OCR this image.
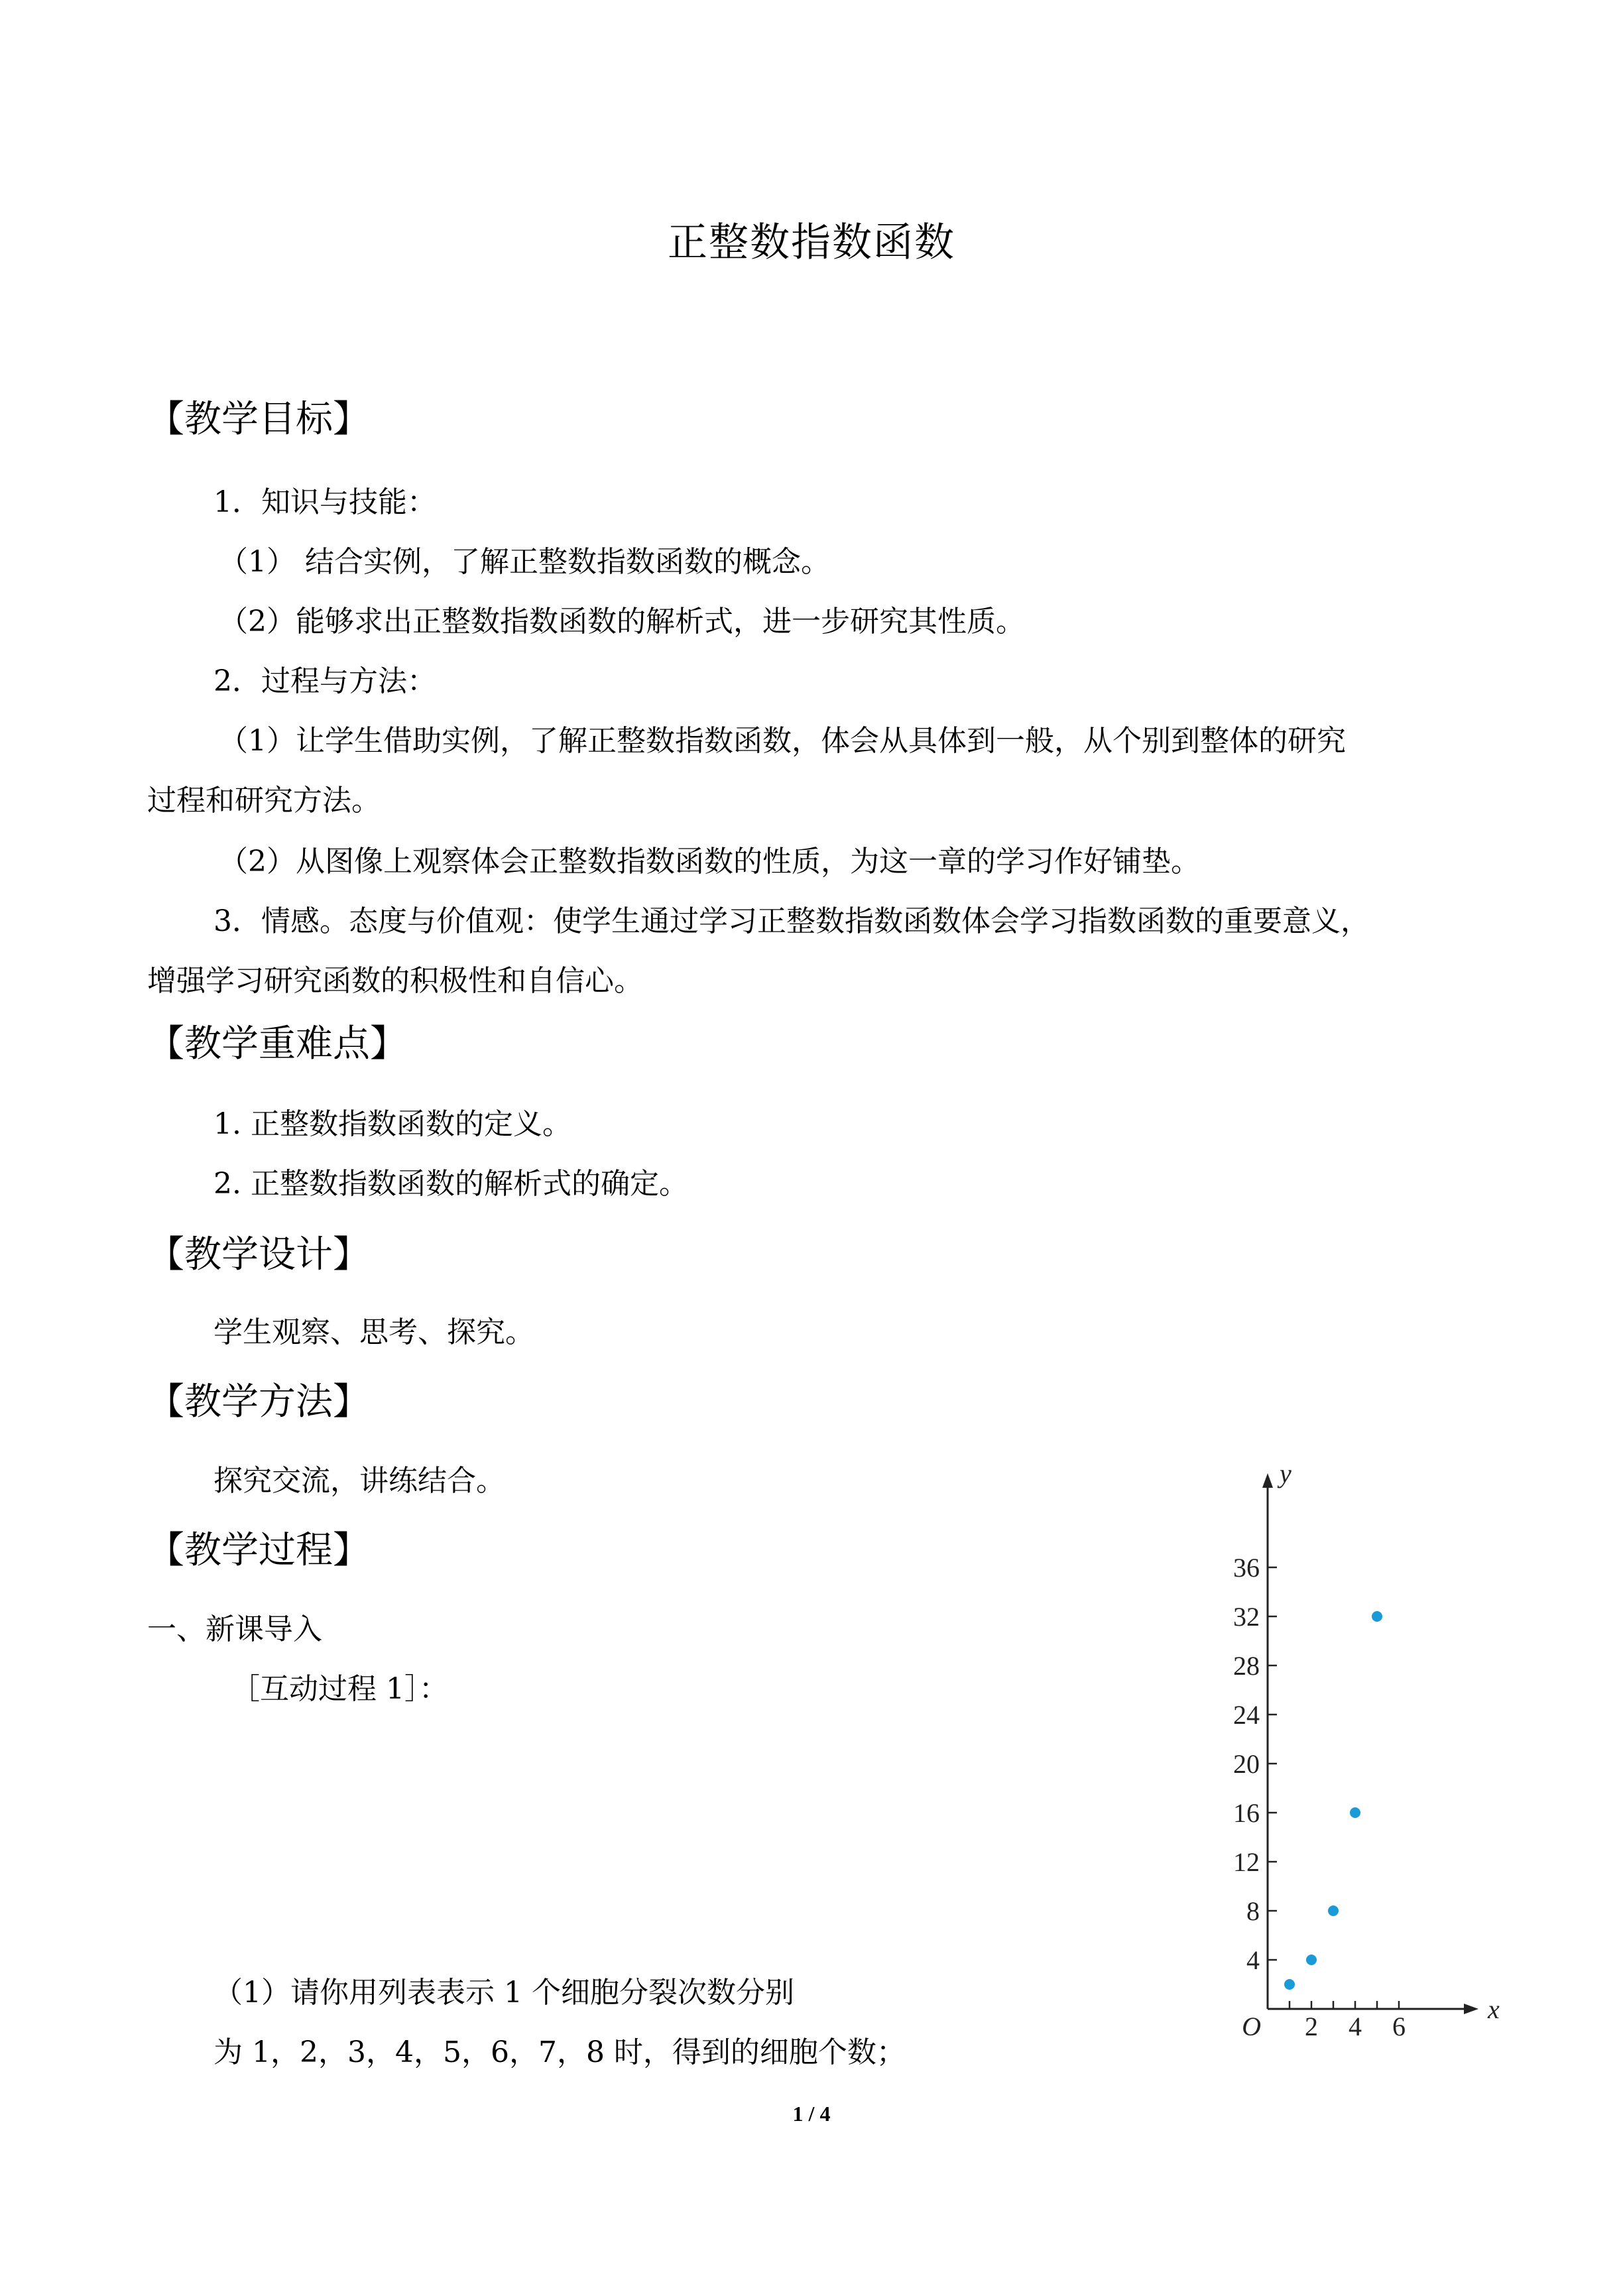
正整数指数函数
【教学目标】
1．知识与技能：
（1） 结合实例，了解正整数指数函数的概念。
（2）能够求出正整数指数函数的解析式，进一步研究其性质。
2．过程与方法：
（1）让学生借助实例，了解正整数指数函数，体会从具体到一般，从个别到整体的研究
过程和研究方法。
（2）从图像上观察体会正整数指数函数的性质，为这一章的学习作好铺垫。
3．情感。态度与价值观：使学生通过学习正整数指数函数体会学习指数函数的重要意义，
增强学习研究函数的积极性和自信心。
【教学重难点】
1. 正整数指数函数的定义。
2. 正整数指数函数的解析式的确定。
【教学设计】
学生观察、思考、探究。
【教学方法】
探究交流，讲练结合。
【教学过程】
一、新课导入
［互动过程 1］：
（1）请你用列表表示 1 个细胞分裂次数分别
为 1，2，3，4，5，6，7，8 时，得到的细胞个数；
2 4 6
4
8
12
16
20
24
28
32
36
O
x
y
1 / 4
